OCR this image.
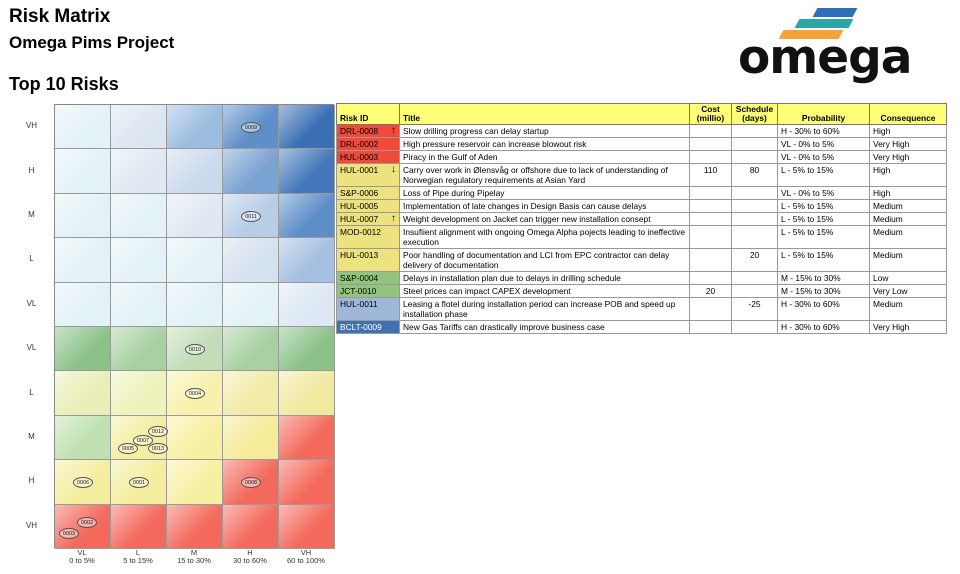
Risk Matrix
Omega Pims Project
Top 10 Risks	omega
VH
H
M
L
VL
VL
L
M
H
VH
0009
0011
0010
0004
0012
0007
0005	0013
0006	0001	0008
0002
0003
VL
0 to 5%
L
5 to 15%
M
15 to 30%
H
30 to 60%
VH
60 to 100%
Risk ID	Title	Cost (millio)	Schedule (days)	Probability	Consequence
DRL-0008 ↑	Slow drilling progress can delay startup			H - 30% to 60%	High
DRL-0002	High pressure reservoir can increase blowout risk			VL - 0% to 5%	Very High
HUL-0003	Piracy in the Gulf of Aden			VL - 0% to 5%	Very High
HUL-0001 ↓	Carry over work in Ølensvåg or offshore due to lack of understanding of Norwegian regulatory requirements at Asian Yard	110	80	L - 5% to 15%	High
S&P-0006	Loss of Pipe during Pipelay			VL - 0% to 5%	High
HUL-0005	Implementation of late changes in Design Basis can cause delays			L - 5% to 15%	Medium
HUL-0007 ↑	Weight development on Jacket can trigger new installation consept			L - 5% to 15%	Medium
MOD-0012	Insufiient alignment with ongoing Omega Alpha pojects leading to ineffective execution			L - 5% to 15%	Medium
HUL-0013	Poor handling of documentation and LCI from EPC contractor can delay delivery of documentation		20	L - 5% to 15%	Medium
S&P-0004	Delays in installation plan due to delays in drilling schedule			M - 15% to 30%	Low
JCT-0010	Steel prices can impact CAPEX development	20		M - 15% to 30%	Very Low
HUL-0011	Leasing a flotel during installation period can increase POB and speed up installation phase		-25	H - 30% to 60%	Medium
BCLT-0009	New Gas Tariffs can drastically improve business case			H - 30% to 60%	Very High
